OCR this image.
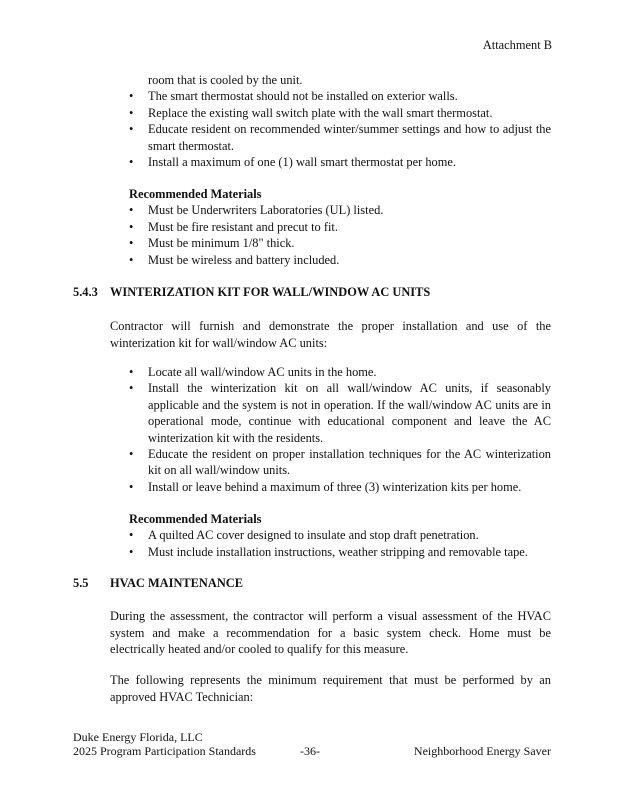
Attachment B

room that is cooled by the unit.

• The smart thermostat should not be installed on exterior walls.
• Replace the existing wall switch plate with the wall smart thermostat.
• Educate resident on recommended winter/summer settings and how to adjust the smart thermostat.
• Install a maximum of one (1) wall smart thermostat per home.

Recommended Materials

• Must be Underwriters Laboratories (UL) listed.
• Must be fire resistant and precut to fit.
• Must be minimum 1/8" thick.
• Must be wireless and battery included.
5.4.3 WINTERIZATION KIT FOR WALL/WINDOW AC UNITS

Contractor will furnish and demonstrate the proper installation and use of the winterization kit for wall/window AC units:

• Locate all wall/window AC units in the home.
• Install the winterization kit on all wall/window AC units, if seasonably applicable and the system is not in operation. If the wall/window AC units are in operational mode, continue with educational component and leave the AC winterization kit with the residents.
• Educate the resident on proper installation techniques for the AC winterization kit on all wall/window units.
• Install or leave behind a maximum of three (3) winterization kits per home.

Recommended Materials

• A quilted AC cover designed to insulate and stop draft penetration.
• Must include installation instructions, weather stripping and removable tape.
5.5 HVAC MAINTENANCE

During the assessment, the contractor will perform a visual assessment of the HVAC system and make a recommendation for a basic system check. Home must be electrically heated and/or cooled to qualify for this measure.

The following represents the minimum requirement that must be performed by an approved HVAC Technician:

Duke Energy Florida, LLC
2025 Program Participation Standards	-36-	Neighborhood Energy Saver
